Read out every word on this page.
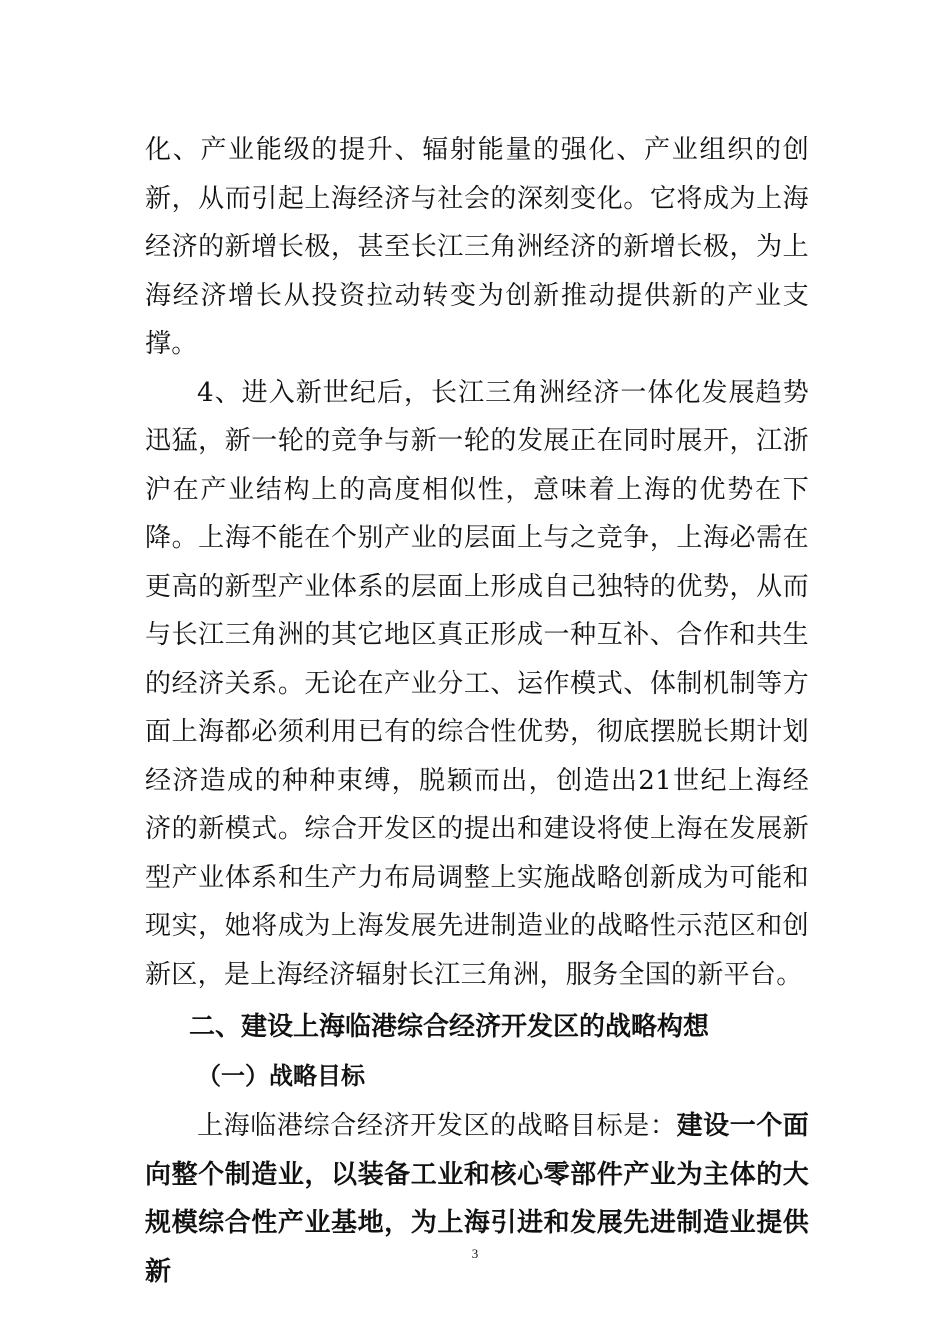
化、产业能级的提升、辐射能量的强化、产业组织的创新，从而引起上海经济与社会的深刻变化。它将成为上海经济的新增长极，甚至长江三角洲经济的新增长极，为上海经济增长从投资拉动转变为创新推动提供新的产业支撑。

4、进入新世纪后，长江三角洲经济一体化发展趋势迅猛，新一轮的竞争与新一轮的发展正在同时展开，江浙沪在产业结构上的高度相似性，意味着上海的优势在下降。上海不能在个别产业的层面上与之竞争，上海必需在更高的新型产业体系的层面上形成自己独特的优势，从而与长江三角洲的其它地区真正形成一种互补、合作和共生的经济关系。无论在产业分工、运作模式、体制机制等方面上海都必须利用已有的综合性优势，彻底摆脱长期计划经济造成的种种束缚，脱颖而出，创造出21世纪上海经济的新模式。综合开发区的提出和建设将使上海在发展新型产业体系和生产力布局调整上实施战略创新成为可能和现实，她将成为上海发展先进制造业的战略性示范区和创新区，是上海经济辐射长江三角洲，服务全国的新平台。

二、建设上海临港综合经济开发区的战略构想
（一）战略目标

上海临港综合经济开发区的战略目标是：建设一个面向整个制造业，以装备工业和核心零部件产业为主体的大规模综合性产业基地，为上海引进和发展先进制造业提供新

3
